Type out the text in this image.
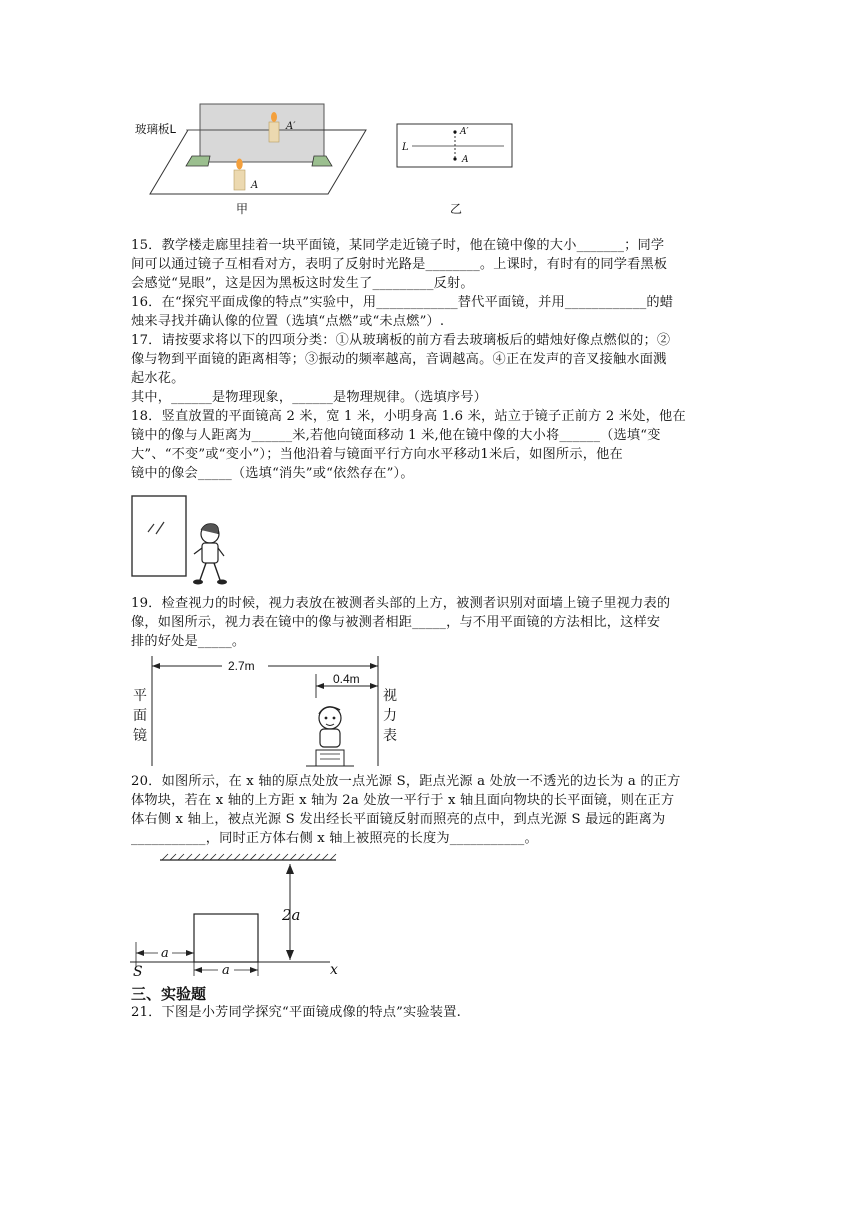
A′
A
玻璃板L
甲
L
A′
A
乙
15．教学楼走廊里挂着一块平面镜，某同学走近镜子时，他在镜中像的大小_______；同学
间可以通过镜子互相看对方，表明了反射时光路是________。上课时，有时有的同学看黑板
会感觉“晃眼”，这是因为黑板这时发生了_________反射。
16．在“探究平面成像的特点”实验中，用____________替代平面镜，并用____________的蜡
烛来寻找并确认像的位置（选填“点燃”或“未点燃”）.
17．请按要求将以下的四项分类：①从玻璃板的前方看去玻璃板后的蜡烛好像点燃似的；②
像与物到平面镜的距离相等；③振动的频率越高，音调越高。④正在发声的音叉接触水面溅
起水花。
其中，______是物理现象，______是物理规律。（选填序号）
18．竖直放置的平面镜高 2 米，宽 1 米，小明身高 1.6 米，站立于镜子正前方 2 米处，他在
镜中的像与人距离为______米,若他向镜面移动 1 米,他在镜中像的大小将______（选填“变
大”、“不变”或“变小”）；当他沿着与镜面平行方向水平移动1米后，如图所示，他在
镜中的像会_____（选填“消失”或“依然存在”）。
19．检查视力的时候，视力表放在被测者头部的上方，被测者识别对面墙上镜子里视力表的
像，如图所示，视力表在镜中的像与被测者相距_____，与不用平面镜的方法相比，这样安
排的好处是_____。
2.7m
0.4m
平
面
镜
视
力
表
20．如图所示，在 x 轴的原点处放一点光源 S，距点光源 a 处放一不透光的边长为 a 的正方
体物块，若在 x 轴的上方距 x 轴为 2a 处放一平行于 x 轴且面向物块的长平面镜，则在正方
体右侧 x 轴上，被点光源 S 发出经长平面镜反射而照亮的点中，到点光源 S 最远的距离为
___________，同时正方体右侧 x 轴上被照亮的长度为___________。
2a
a
a
S	x
三、实验题
21．下图是小芳同学探究“平面镜成像的特点”实验装置.
